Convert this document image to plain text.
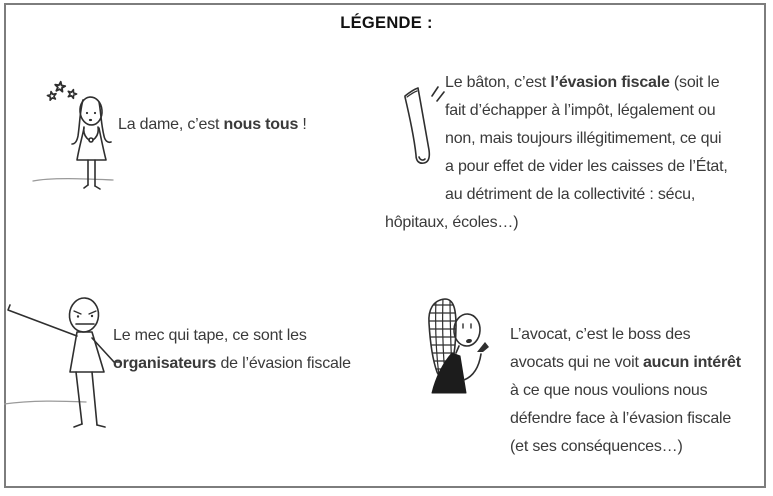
LÉGENDE :
La dame, c’est nous tous !
Le bâton, c’est l’évasion fiscale (soit le
fait d’échapper à l’impôt, légalement ou
non, mais toujours illégitimement, ce qui
a pour effet de vider les caisses de l’État,
au détriment de la collectivité : sécu,
hôpitaux, écoles…)
Le mec qui tape, ce sont les
organisateurs de l’évasion fiscale
L’avocat, c’est le boss des
avocats qui ne voit aucun intérêt
à ce que nous voulions nous
défendre face à l’évasion fiscale
(et ses conséquences…)
